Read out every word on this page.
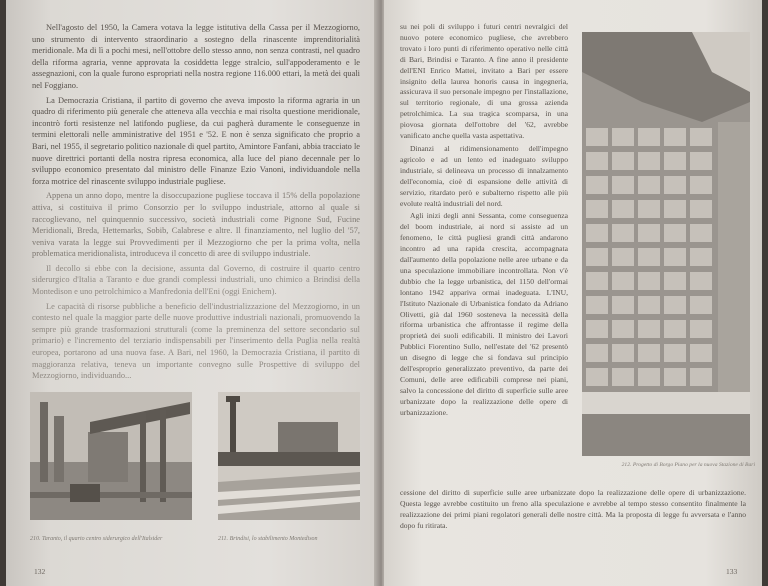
Nell'agosto del 1950, la Camera votava la legge istitutiva della Cassa per il Mezzogiorno, uno strumento di intervento straordinario a sostegno della rinascente imprenditorialità meridionale. Ma di lì a pochi mesi, nell'ottobre dello stesso anno, non senza contrasti, nel quadro della riforma agraria, venne approvata la cosiddetta legge stralcio, sull'appoderamento e le assegnazioni, con la quale furono espropriati nella nostra regione 116.000 ettari, la metà dei quali nel Foggiano.

La Democrazia Cristiana, il partito di governo che aveva imposto la riforma agraria in un quadro di riferimento più generale che atteneva alla vecchia e mai risolta questione meridionale, incontrò forti resistenze nel latifondo pugliese, da cui pagherà duramente le conseguenze in termini elettorali nelle amministrative del 1951 e '52. E non è senza significato che proprio a Bari, nel 1955, il segretario politico nazionale di quel partito, Amintore Fanfani, abbia tracciato le nuove direttrici portanti della nostra ripresa economica, alla luce del piano decennale per lo sviluppo economico presentato dal ministro delle Finanze Ezio Vanoni, individuandole nella forza motrice del rinascente sviluppo industriale pugliese.

Appena un anno dopo, mentre la disoccupazione pugliese toccava il 15% della popolazione attiva, si costituiva il primo Consorzio per lo sviluppo industriale, attorno al quale si raccoglievano, nel quinquennio successivo, società industriali come Pignone Sud, Fucine Meridionali, Breda, Hettemarks, Sobib, Calabrese e altre. Il finanziamento, nel luglio del '57, veniva varata la legge sui Provvedimenti per il Mezzogiorno che per la prima volta, nella problematica meridionalista, introduceva il concetto di aree di sviluppo industriale.

Il decollo si ebbe con la decisione, assunta dal Governo, di costruire il quarto centro siderurgico d'Italia a Taranto e due grandi complessi industriali, uno chimico a Brindisi della Montedison e uno petrolchimico a Manfredonia dell'Eni (oggi Enichem).

Le capacità di risorse pubbliche a beneficio dell'industrializzazione del Mezzogiorno, in un contesto nel quale la maggior parte delle nuove produttive industriali nazionali, promuovendo la sempre più grande trasformazioni strutturali (come la preminenza del settore secondario sul primario) e l'incremento del terziario indispensabili per l'inserimento della Puglia nella realtà europea, portarono ad una nuova fase. A Bari, nel 1960, la Democrazia Cristiana, il partito di maggioranza relativa, teneva un importante convegno sulle Prospettive di sviluppo del Mezzogiorno, individuando...

210. Taranto, il quarto centro siderurgico dell'Italsider	211. Brindisi, lo stabilimento Montedison
132

su nei poli di sviluppo i futuri centri nevralgici del nuovo potere economico pugliese, che avrebbero trovato i loro punti di riferimento operativo nelle città di Bari, Brindisi e Taranto. A fine anno il presidente dell'ENI Enrico Mattei, invitato a Bari per essere insignito della laurea honoris causa in ingegneria, assicurava il suo personale impegno per l'installazione, sul territorio regionale, di una grossa azienda petrolchimica. La sua tragica scomparsa, in una piovosa giornata dell'ottobre del '62, avrebbe vanificato anche quella vasta aspettativa.

Dinanzi al ridimensionamento dell'impegno agricolo e ad un lento ed inadeguato sviluppo industriale, si delineava un processo di innalzamento dell'economia, cioè di espansione delle attività di servizio, ritardato però e subalterno rispetto alle più evolute realtà industriali del nord.

Agli inizi degli anni Sessanta, come conseguenza del boom industriale, ai nord si assiste ad un fenomeno, le città pugliesi grandi città andarono incontro ad una rapida crescita, accompagnata dall'aumento della popolazione nelle aree urbane e da una speculazione immobiliare incontrollata. Non v'è dubbio che la legge urbanistica, del 1150 dell'ormai lontano 1942 appariva ormai inadeguata. L'INU, l'Istituto Nazionale di Urbanistica fondato da Adriano Olivetti, già dal 1960 sosteneva la necessità della riforma urbanistica che affrontasse il regime della proprietà dei suoli edificabili. Il ministro dei Lavori Pubblici Fiorentino Sullo, nell'estate del '62 presentò un disegno di legge che si fondava sul principio dell'esproprio generalizzato preventivo, da parte dei Comuni, delle aree edificabili comprese nei piani, salvo la concessione del diritto di superficie sulle aree urbanizzate dopo la realizzazione delle opere di urbanizzazione.

212. Progetto di Borgo Piano per la nuova Stazione di Bari

cessione del diritto di superficie sulle aree urbanizzate dopo la realizzazione delle opere di urbanizzazione. Questa legge avrebbe costituito un freno alla speculazione e avrebbe al tempo stesso consentito finalmente la realizzazione dei primi piani regolatori generali delle nostre città. Ma la proposta di legge fu avversata e l'anno dopo fu ritirata.

133
